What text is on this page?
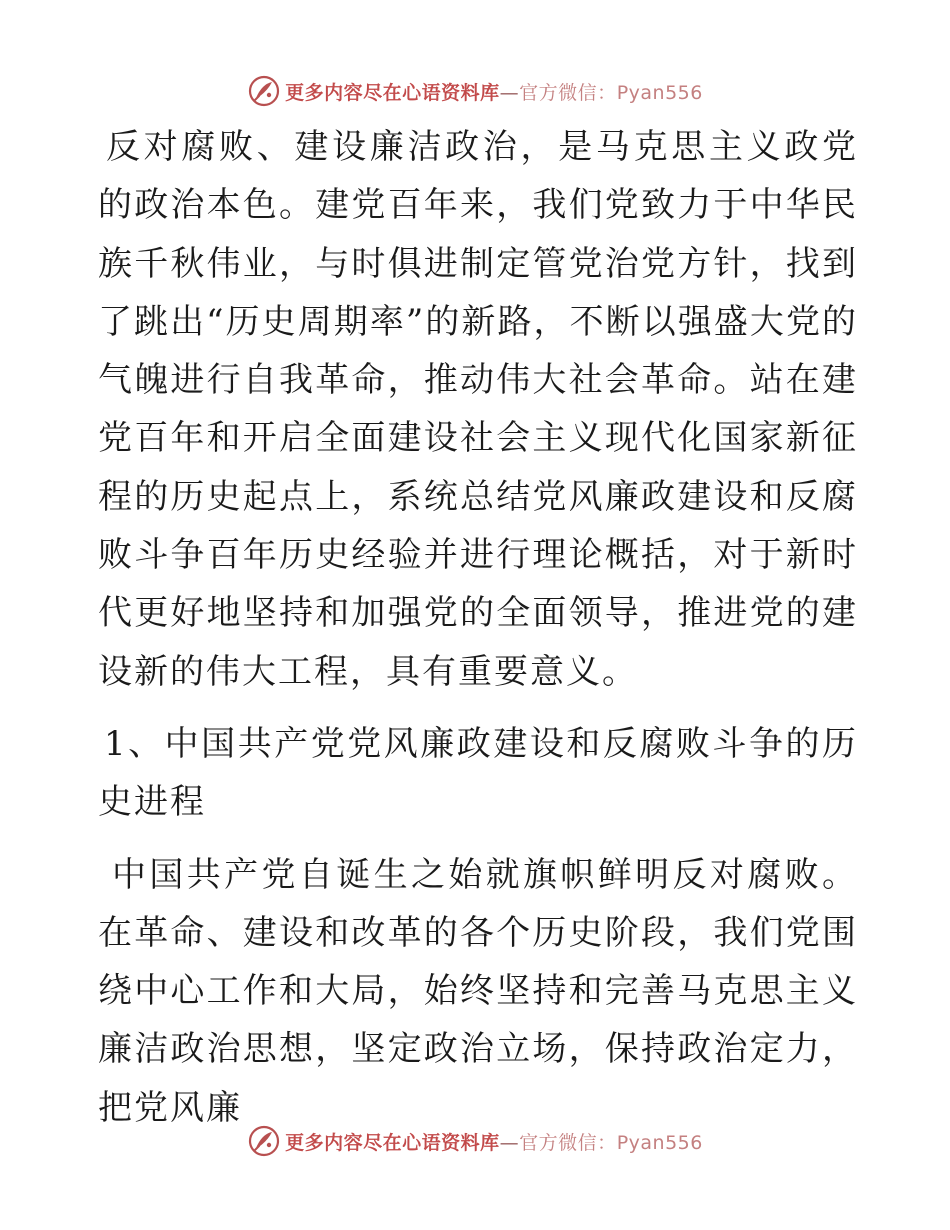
更多内容尽在心语资料库—官方微信：Pyan556

反对腐败、建设廉洁政治，是马克思主义政党的政治本色。建党百年来，我们党致力于中华民族千秋伟业，与时俱进制定管党治党方针，找到了跳出“历史周期率”的新路，不断以强盛大党的气魄进行自我革命，推动伟大社会革命。站在建党百年和开启全面建设社会主义现代化国家新征程的历史起点上，系统总结党风廉政建设和反腐败斗争百年历史经验并进行理论概括，对于新时代更好地坚持和加强党的全面领导，推进党的建设新的伟大工程，具有重要意义。

1、中国共产党党风廉政建设和反腐败斗争的历史进程

中国共产党自诞生之始就旗帜鲜明反对腐败。在革命、建设和改革的各个历史阶段，我们党围绕中心工作和大局，始终坚持和完善马克思主义廉洁政治思想，坚定政治立场，保持政治定力，把党风廉

更多内容尽在心语资料库—官方微信：Pyan556
